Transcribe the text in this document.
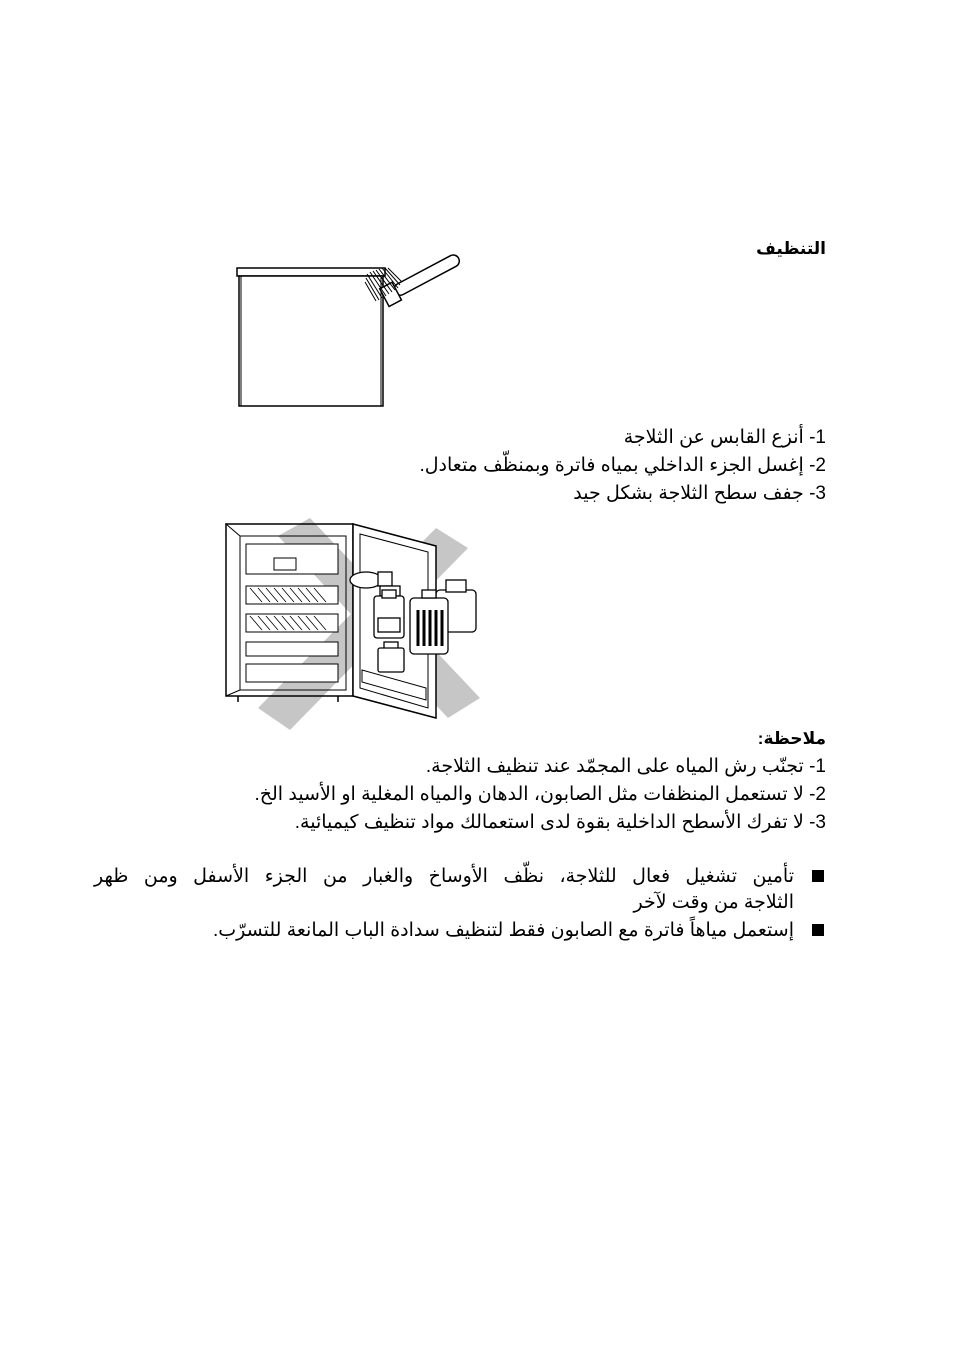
التنظيف
1- أنزع القابس عن الثلاجة
2- إغسل الجزء الداخلي بمياه فاترة وبمنظّف متعادل.
3- جفف سطح الثلاجة بشكل جيد
ملاحظة:
1- تجنّب رش المياه على المجمّد عند تنظيف الثلاجة.
2- لا تستعمل المنظفات مثل الصابون، الدهان والمياه المغلية او الأسيد الخ.
3- لا تفرك الأسطح الداخلية بقوة لدى استعمالك مواد تنظيف كيميائية.
تأمين تشغيل فعال للثلاجة، نظّف الأوساخ والغبار من الجزء الأسفل ومن ظهر
الثلاجة من وقت لآخر
إستعمل مياهاً فاترة مع الصابون فقط لتنظيف سدادة الباب المانعة للتسرّب.
